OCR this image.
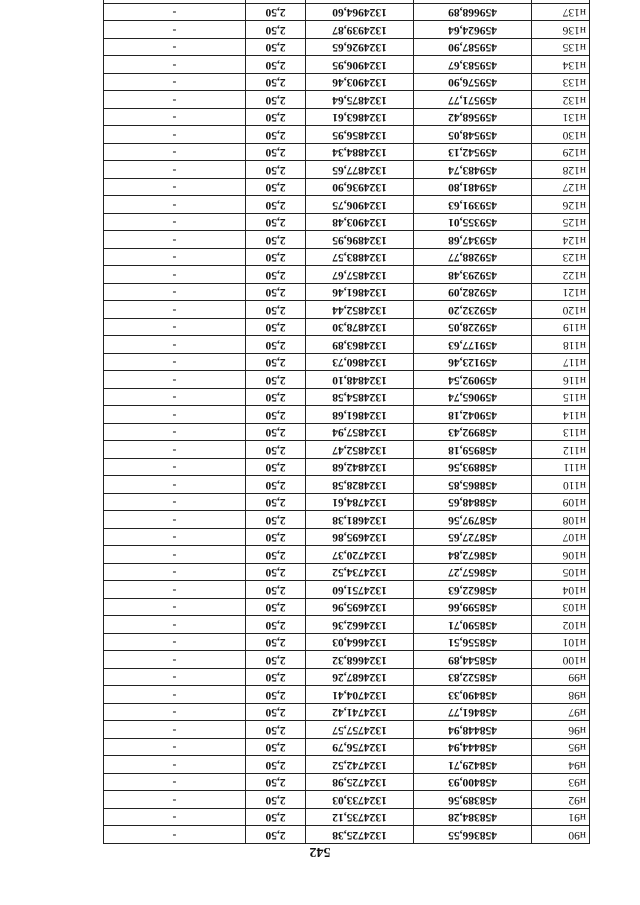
542
н90	458366,55	1324725,38	2,50	-
н91	458384,28	1324735,12	2,50	-
н92	458389,56	1324733,03	2,50	-
н93	458400,93	1324725,98	2,50	-
н94	458429,71	1324742,52	2,50	-
н95	458444,94	1324756,79	2,50	-
н96	458448,94	1324757,57	2,50	-
н97	458461,77	1324741,42	2,50	-
н98	458490,33	1324704,41	2,50	-
н99	458522,83	1324687,26	2,50	-
н100	458544,89	1324668,32	2,50	-
н101	458556,51	1324664,03	2,50	-
н102	458590,71	1324662,36	2,50	-
н103	458599,66	1324695,96	2,50	-
н104	458622,63	1324751,60	2,50	-
н105	458657,27	1324734,52	2,50	-
н106	458672,84	1324720,37	2,50	-
н107	458727,65	1324695,86	2,50	-
н108	458797,56	1324681,38	2,50	-
н109	458848,65	1324784,61	2,50	-
н110	458865,85	1324828,58	2,50	-
н111	458893,56	1324842,68	2,50	-
н112	458959,18	1324852,47	2,50	-
н113	458992,43	1324857,94	2,50	-
н114	459042,18	1324861,68	2,50	-
н115	459065,74	1324854,58	2,50	-
н116	459092,54	1324848,10	2,50	-
н117	459123,46	1324860,73	2,50	-
н118	459177,63	1324863,89	2,50	-
н119	459228,05	1324878,30	2,50	-
н120	459232,20	1324852,44	2,50	-
н121	459282,09	1324861,46	2,50	-
н122	459293,48	1324857,67	2,50	-
н123	459288,77	1324883,57	2,50	-
н124	459347,68	1324896,95	2,50	-
н125	459355,01	1324903,48	2,50	-
н126	459391,63	1324906,75	2,50	-
н127	459481,80	1324936,90	2,50	-
н128	459483,74	1324877,65	2,50	-
н129	459542,13	1324884,34	2,50	-
н130	459548,05	1324856,95	2,50	-
н131	459568,42	1324863,61	2,50	-
н132	459571,77	1324875,64	2,50	-
н133	459576,90	1324903,46	2,50	-
н134	459583,67	1324906,95	2,50	-
н135	459587,90	1324926,65	2,50	-
н136	459624,64	1324939,87	2,50	-
н137	459668,89	1324964,60	2,50	-
